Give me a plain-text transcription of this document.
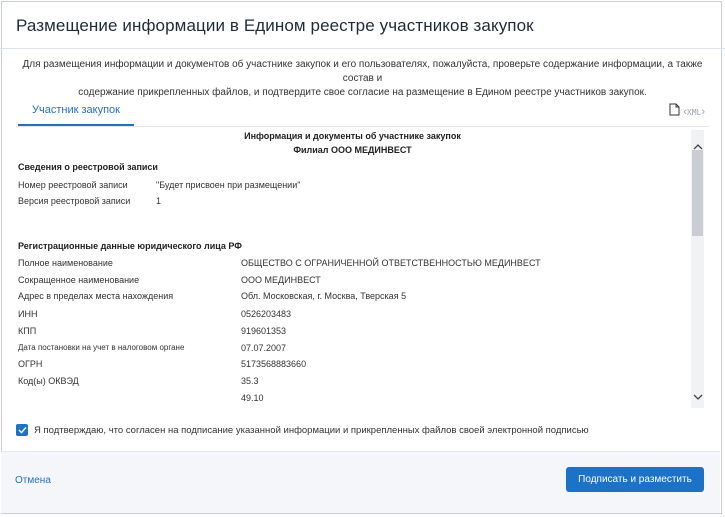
Размещение информации в Едином реестре участников закупок
Для размещения информации и документов об участнике закупок и его пользователях, пожалуйста, проверьте содержание информации, а также состав и
содержание прикрепленных файлов, и подтвердите свое согласие на размещение в Едином реестре участников закупок.
Участник закупок	‹ XML ›
Информация и документы об участнике закупок
Филиал ООО МЕДИНВЕСТ
Сведения о реестровой записи
Номер реестровой записи	"Будет присвоен при размещении"
Версия реестровой записи	1
Регистрационные данные юридического лица РФ
Полное наименование	ОБЩЕСТВО С ОГРАНИЧЕННОЙ ОТВЕТСТВЕННОСТЬЮ МЕДИНВЕСТ
Сокращенное наименование	ООО МЕДИНВЕСТ
Адрес в пределах места нахождения	Обл. Московская, г. Москва, Тверская 5
ИНН	0526203483
КПП	919601353
Дата постановки на учет в налоговом органе	07.07.2007
ОГРН	5173568883660
Код(ы) ОКВЭД	35.3
49.10
Я подтверждаю, что согласен на подписание указанной информации и прикрепленных файлов своей электронной подписью
Отмена	Подписать и разместить
